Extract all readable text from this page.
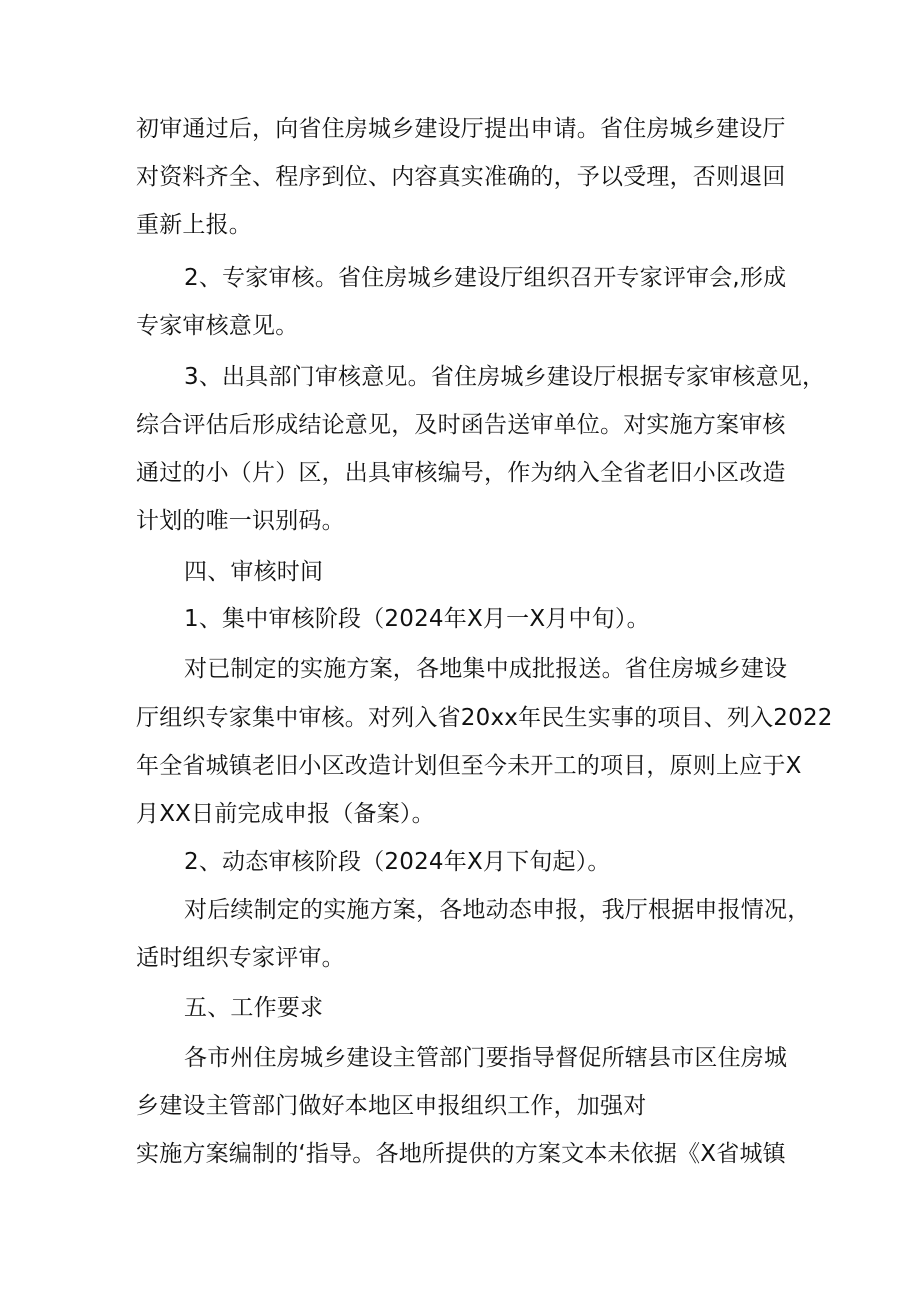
初审通过后，向省住房城乡建设厅提出申请。省住房城乡建设厅
对资料齐全、程序到位、内容真实准确的，予以受理，否则退回
重新上报。
2、专家审核。省住房城乡建设厅组织召开专家评审会,形成
专家审核意见。
3、出具部门审核意见。省住房城乡建设厅根据专家审核意见，
综合评估后形成结论意见，及时函告送审单位。对实施方案审核
通过的小（片）区，出具审核编号，作为纳入全省老旧小区改造
计划的唯一识别码。
四、审核时间
1、集中审核阶段（2024年X月一X月中旬）。
对已制定的实施方案，各地集中成批报送。省住房城乡建设
厅组织专家集中审核。对列入省20xx年民生实事的项目、列入2022
年全省城镇老旧小区改造计划但至今未开工的项目，原则上应于X
月XX日前完成申报（备案）。
2、动态审核阶段（2024年X月下旬起）。
对后续制定的实施方案，各地动态申报，我厅根据申报情况，
适时组织专家评审。
五、工作要求
各市州住房城乡建设主管部门要指导督促所辖县市区住房城
乡建设主管部门做好本地区申报组织工作，加强对
实施方案编制的‘指导。各地所提供的方案文本未依据《X省城镇
